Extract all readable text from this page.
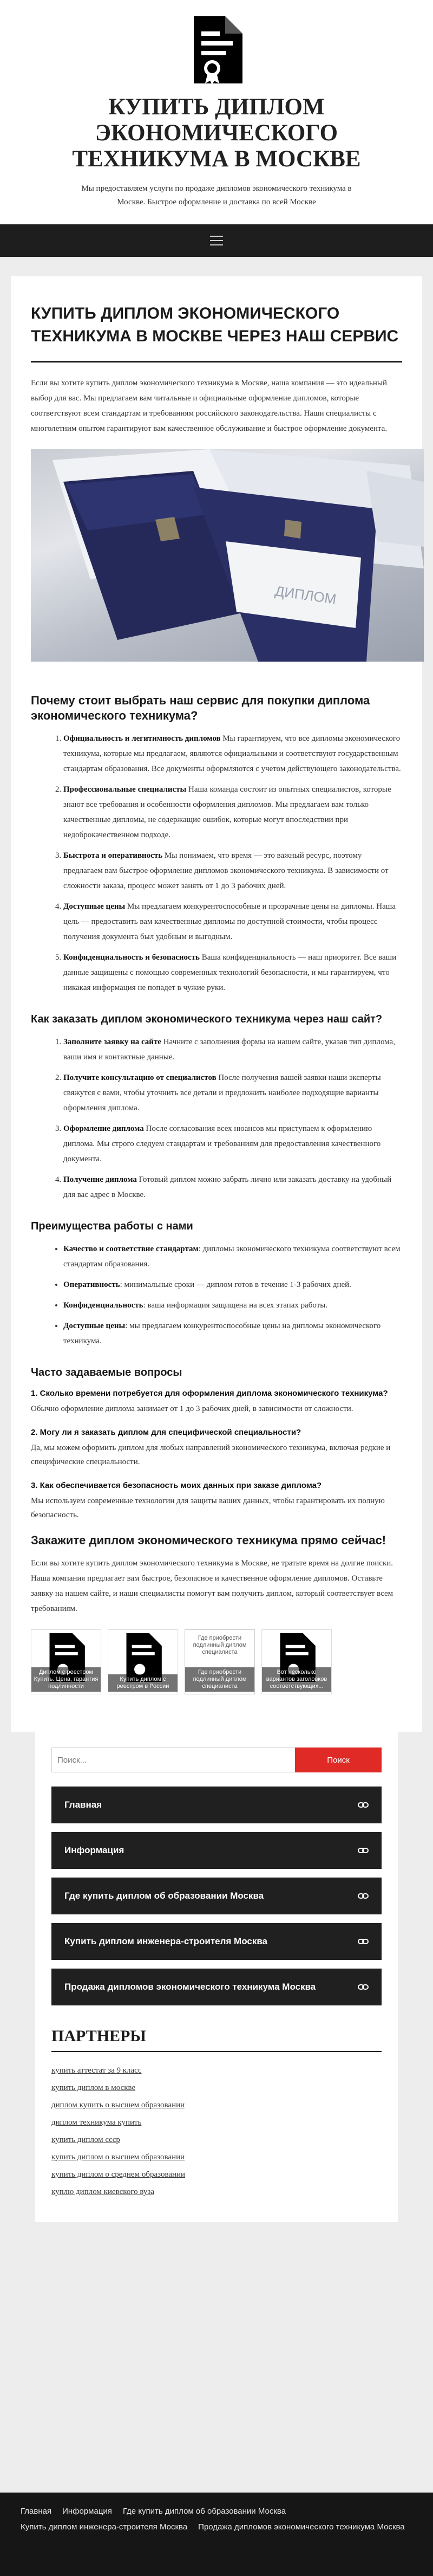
КУПИТЬ ДИПЛОМ ЭКОНОМИЧЕСКОГО ТЕХНИКУМА В МОСКВЕ
Мы предоставляем услуги по продаже дипломов экономического техникума в Москве. Быстрое оформление и доставка по всей Москве
КУПИТЬ ДИПЛОМ ЭКОНОМИЧЕСКОГО ТЕХНИКУМА В МОСКВЕ ЧЕРЕЗ НАШ СЕРВИС

Если вы хотите купить диплом экономического техникума в Москве, наша компания — это идеальный выбор для вас. Мы предлагаем вам читальные и официальные оформление дипломов, которые соответствуют всем стандартам и требованиям российского законодательства. Наши специалисты с многолетним опытом гарантируют вам качественное обслуживание и быстрое оформление документа.

ДИПЛОМ
Почему стоит выбрать наш сервис для покупки диплома экономического техникума?
1. Официальность и легитимность дипломов Мы гарантируем, что все дипломы экономического техникума, которые мы предлагаем, являются официальными и соответствуют государственным стандартам образования. Все документы оформляются с учетом действующего законодательства.
2. Профессиональные специалисты Наша команда состоит из опытных специалистов, которые знают все требования и особенности оформления дипломов. Мы предлагаем вам только качественные дипломы, не содержащие ошибок, которые могут впоследствии при недоброкачественном подходе.
3. Быстрота и оперативность Мы понимаем, что время — это важный ресурс, поэтому предлагаем вам быстрое оформление дипломов экономического техникума. В зависимости от сложности заказа, процесс может занять от 1 до 3 рабочих дней.
4. Доступные цены Мы предлагаем конкурентоспособные и прозрачные цены на дипломы. Наша цель — предоставить вам качественные дипломы по доступной стоимости, чтобы процесс получения документа был удобным и выгодным.
5. Конфиденциальность и безопасность Ваша конфиденциальность — наш приоритет. Все ваши данные защищены с помощью современных технологий безопасности, и мы гарантируем, что никакая информация не попадет в чужие руки.
Как заказать диплом экономического техникума через наш сайт?
1. Заполните заявку на сайте Начните с заполнения формы на нашем сайте, указав тип диплома, ваши имя и контактные данные.
2. Получите консультацию от специалистов После получения вашей заявки наши эксперты свяжутся с вами, чтобы уточнить все детали и предложить наиболее подходящие варианты оформления диплома.
3. Оформление диплома После согласования всех нюансов мы приступаем к оформлению диплома. Мы строго следуем стандартам и требованиям для предоставления качественного документа.
4. Получение диплома Готовый диплом можно забрать лично или заказать доставку на удобный для вас адрес в Москве.
Преимущества работы с нами
• Качество и соответствие стандартам: дипломы экономического техникума соответствуют всем стандартам образования.
• Оперативность: минимальные сроки — диплом готов в течение 1-3 рабочих дней.
• Конфиденциальность: ваша информация защищена на всех этапах работы.
• Доступные цены: мы предлагаем конкурентоспособные цены на дипломы экономического техникума.
Часто задаваемые вопросы
1. Сколько времени потребуется для оформления диплома экономического техникума?
Обычно оформление диплома занимает от 1 до 3 рабочих дней, в зависимости от сложности.
2. Могу ли я заказать диплом для специфической специальности?
Да, мы можем оформить диплом для любых направлений экономического техникума, включая редкие и специфические специальности.
3. Как обеспечивается безопасность моих данных при заказе диплома?
Мы используем современные технологии для защиты ваших данных, чтобы гарантировать их полную безопасность.
Закажите диплом экономического техникума прямо сейчас!

Если вы хотите купить диплом экономического техникума в Москве, не тратьте время на долгие поиски. Наша компания предлагает вам быстрое, безопасное и качественное оформление дипломов. Оставьте заявку на нашем сайте, и наши специалисты помогут вам получить диплом, который соответствует всем требованиям.

Диплом с реестром Купить. Цена, гарантия подлинности
Купить диплом с реестром в России
Где приобрести подлинный диплом специалиста
Где приобрести подлинный диплом специалиста
Вот несколько вариантов заголовков соответствующих...
Поиск...
Поиск
Главная
Информация
Где купить диплом об образовании Москва
Купить диплом инженера-строителя Москва
Продажа дипломов экономического техникума Москва
ПАРТНЕРЫ
купить аттестат за 9 класс
купить диплом в москве
диплом купить о высшем образовании
диплом техникума купить
купить диплом ссср
купить диплом о высшем образовании
купить диплом о среднем образовании
куплю диплом киевского вуза
Главная Информация Где купить диплом об образовании Москва
Купить диплом инженера-строителя Москва Продажа дипломов экономического техникума Москва
